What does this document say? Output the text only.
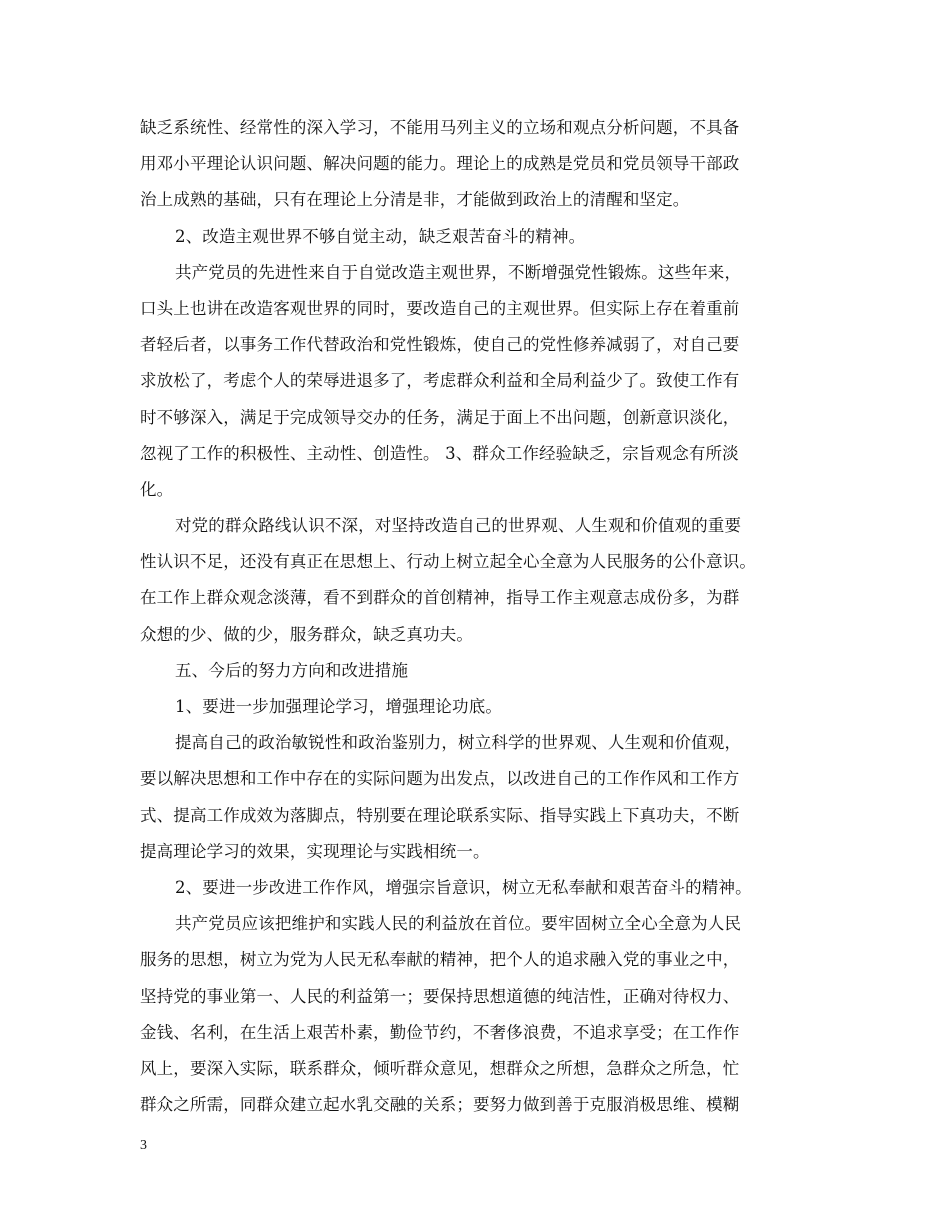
缺乏系统性、经常性的深入学习，不能用马列主义的立场和观点分析问题，不具备
用邓小平理论认识问题、解决问题的能力。理论上的成熟是党员和党员领导干部政
治上成熟的基础，只有在理论上分清是非，才能做到政治上的清醒和坚定。
2、改造主观世界不够自觉主动，缺乏艰苦奋斗的精神。
共产党员的先进性来自于自觉改造主观世界，不断增强党性锻炼。这些年来，
口头上也讲在改造客观世界的同时，要改造自己的主观世界。但实际上存在着重前
者轻后者，以事务工作代替政治和党性锻炼，使自己的党性修养减弱了，对自己要
求放松了，考虑个人的荣辱进退多了，考虑群众利益和全局利益少了。致使工作有
时不够深入，满足于完成领导交办的任务，满足于面上不出问题，创新意识淡化，
忽视了工作的积极性、主动性、创造性。 3、群众工作经验缺乏，宗旨观念有所淡
化。
对党的群众路线认识不深，对坚持改造自己的世界观、人生观和价值观的重要
性认识不足，还没有真正在思想上、行动上树立起全心全意为人民服务的公仆意识。
在工作上群众观念淡薄，看不到群众的首创精神，指导工作主观意志成份多，为群
众想的少、做的少，服务群众，缺乏真功夫。
五、今后的努力方向和改进措施
1、要进一步加强理论学习，增强理论功底。
提高自己的政治敏锐性和政治鉴别力，树立科学的世界观、人生观和价值观，
要以解决思想和工作中存在的实际问题为出发点，以改进自己的工作作风和工作方
式、提高工作成效为落脚点，特别要在理论联系实际、指导实践上下真功夫，不断
提高理论学习的效果，实现理论与实践相统一。
2、要进一步改进工作作风，增强宗旨意识，树立无私奉献和艰苦奋斗的精神。
共产党员应该把维护和实践人民的利益放在首位。要牢固树立全心全意为人民
服务的思想，树立为党为人民无私奉献的精神，把个人的追求融入党的事业之中，
坚持党的事业第一、人民的利益第一；要保持思想道德的纯洁性，正确对待权力、
金钱、名利，在生活上艰苦朴素，勤俭节约，不奢侈浪费，不追求享受；在工作作
风上，要深入实际，联系群众，倾听群众意见，想群众之所想，急群众之所急，忙
群众之所需，同群众建立起水乳交融的关系；要努力做到善于克服消极思维、模糊
3
